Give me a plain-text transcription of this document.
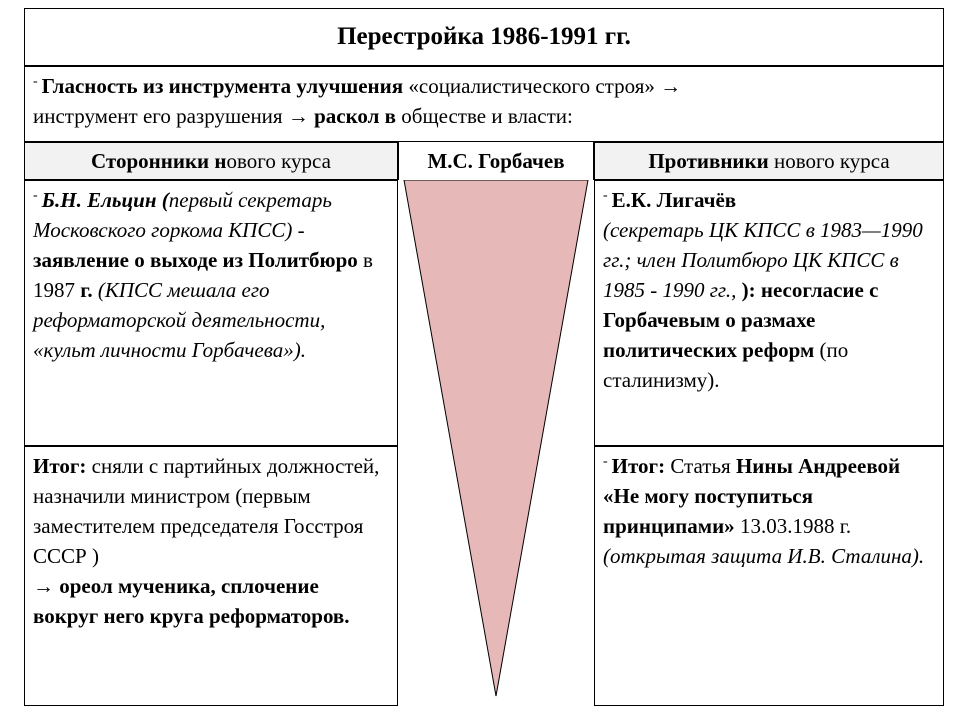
Перестройка 1986-1991 гг.
- Гласность из инструмента улучшения «социалистического строя» →
инструмент его разрушения → раскол в обществе и власти:
Сторонники нового курса	М.С. Горбачев	Противники нового курса
- Б.Н. Ельцин (первый секретарь Московского горкома КПСС) - заявление о выходе из Политбюро в 1987 г. (КПСС мешала его реформаторской деятельности, «культ личности Горбачева»).
Итог: сняли с партийных должностей, назначили министром (первым заместителем председателя Госстроя СССР )
→ ореол мученика, сплочение вокруг него круга реформаторов.
- Е.К. Лигачёв
(секретарь ЦК КПСС в 1983—1990 гг.; член Политбюро ЦК КПСС в 1985 - 1990 гг., ): несогласие с Горбачевым о размахе политических реформ (по сталинизму).
- Итог: Статья Нины Андреевой «Не могу поступиться принципами» 13.03.1988 г. (открытая защита И.В. Сталина).
